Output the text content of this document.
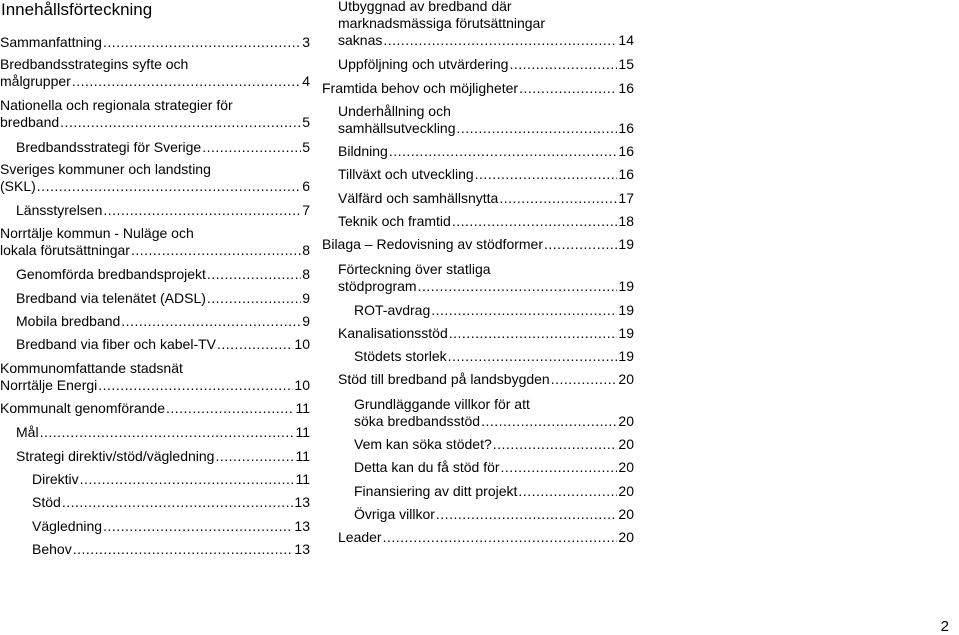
Innehållsförteckning
Sammanfattning .....	3
Bredbandsstrategins syfte och
målgrupper .....	4
Nationella och regionala strategier för
bredband .....	5
Bredbandsstrategi för Sverige .....	5
Sveriges kommuner och landsting
(SKL) .....	6
Länsstyrelsen .....	7
Norrtälje kommun - Nuläge och
lokala förutsättningar .....	8
Genomförda bredbandsprojekt .....	8
Bredband via telenätet (ADSL) .....	9
Mobila bredband .....	9
Bredband via fiber och kabel-TV .....	10
Kommunomfattande stadsnät
Norrtälje Energi .....	10
Kommunalt genomförande .....	11
Mål .....	11
Strategi direktiv/stöd/vägledning .....	11
Direktiv .....	11
Stöd .....	13
Vägledning .....	13
Behov .....	13
Utbyggnad av bredband där
marknadsmässiga förutsättningar
saknas .....	14
Uppföljning och utvärdering .....	15
Framtida behov och möjligheter .....	16
Underhållning och
samhällsutveckling .....	16
Bildning .....	16
Tillväxt och utveckling .....	16
Välfärd och samhällsnytta .....	17
Teknik och framtid .....	18
Bilaga – Redovisning av stödformer .....	19
Förteckning över statliga
stödprogram .....	19
ROT-avdrag .....	19
Kanalisationsstöd .....	19
Stödets storlek .....	19
Stöd till bredband på landsbygden .....	20
Grundläggande villkor för att
söka bredbandsstöd .....	20
Vem kan söka stödet? .....	20
Detta kan du få stöd för .....	20
Finansiering av ditt projekt .....	20
Övriga villkor .....	20
Leader .....	20
2
